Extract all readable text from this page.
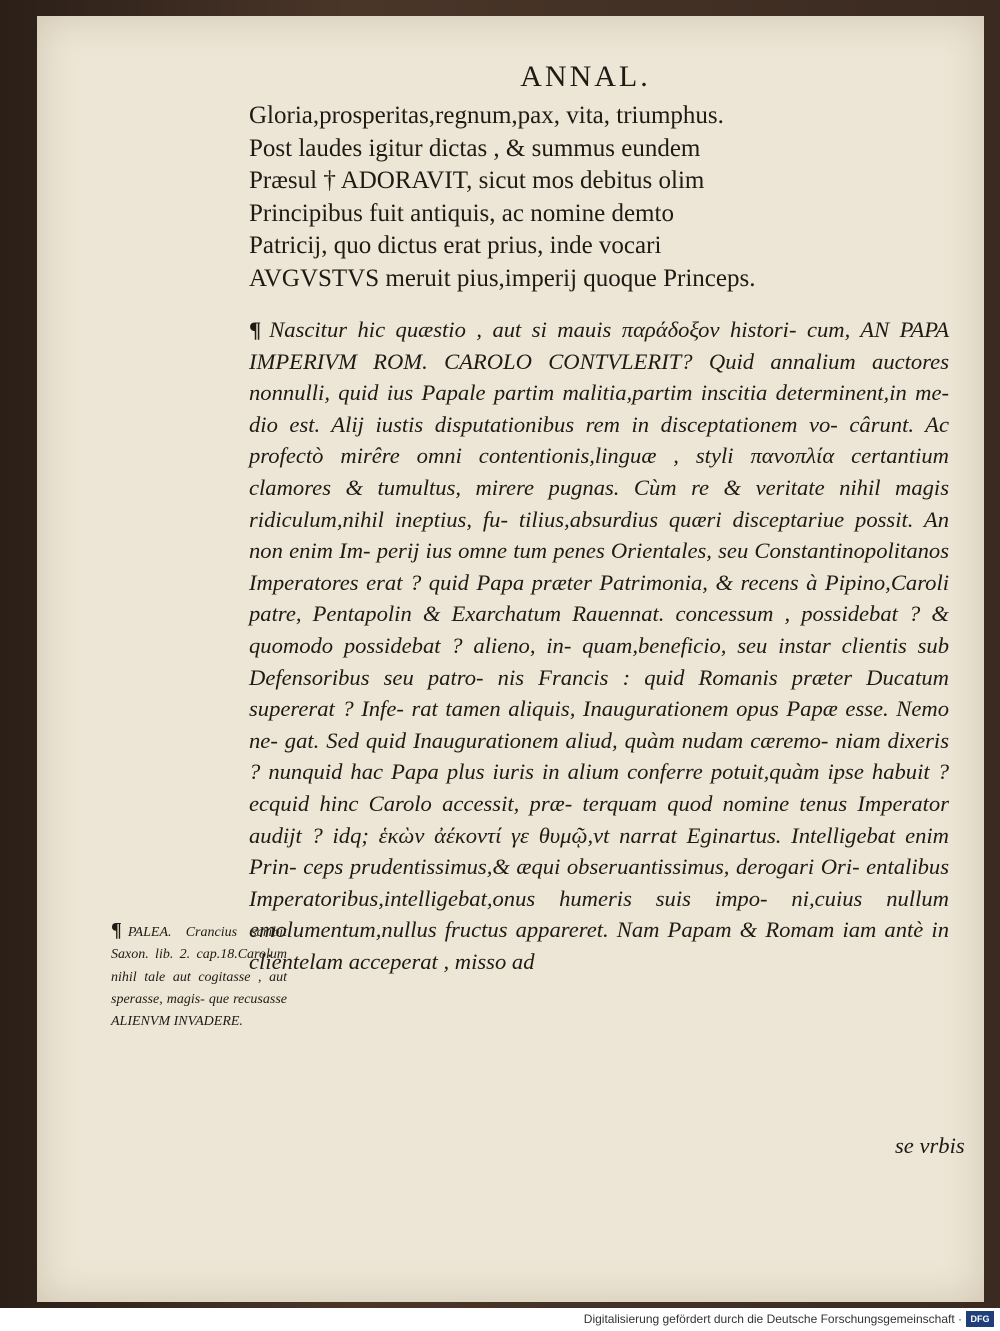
ANNAL.
Gloria,prosperitas,regnum,pax, vita, triumphus.
Post laudes igitur dictas , & summus eundem
Præsul † ADORAVIT, sicut mos debitus olim
Principibus fuit antiquis, ac nomine demto
Patricij, quo dictus erat prius, inde vocari
AVGVSTVS meruit pius,imperij quoque Princeps.
¶ Nascitur hic quæstio , aut si mauis παράδοξον histori- cum, AN PAPA IMPERIVM ROM. CAROLO CONTVLERIT? Quid annalium auctores nonnulli, quid ius Papale partim malitia,partim inscitia determinent,in me- dio est. Alij iustis disputationibus rem in disceptationem vo- cârunt. Ac profectò mirêre omni contentionis,linguæ , styli πανοπλία certantium clamores & tumultus, mirere pugnas. Cùm re & veritate nihil magis ridiculum,nihil ineptius, fu- tilius,absurdius quæri disceptariue possit. An non enim Im- perij ius omne tum penes Orientales, seu Constantinopolitanos Imperatores erat ? quid Papa præter Patrimonia, & recens à Pipino,Caroli patre, Pentapolin & Exarchatum Rauennat. concessum , possidebat ? & quomodo possidebat ? alieno, in- quam,beneficio, seu instar clientis sub Defensoribus seu patro- nis Francis : quid Romanis præter Ducatum supererat ? Infe- rat tamen aliquis, Inaugurationem opus Papæ esse. Nemo ne- gat. Sed quid Inaugurationem aliud, quàm nudam cæremo- niam dixeris ? nunquid hac Papa plus iuris in alium conferre potuit,quàm ipse habuit ? ecquid hinc Carolo accessit, præ- terquam quod nomine tenus Imperator audijt ? idq; ἑκὼν ἀέκοντί γε θυμῷ,vt narrat Eginartus. Intelligebat enim Prin- ceps prudentissimus,& æqui obseruantissimus, derogari Ori- entalibus Imperatoribus,intelligebat,onus humeris suis impo- ni,cuius nullum emolumentum,nullus fructus appareret. Nam Papam & Romam iam antè in clientelam acceperat , misso ad
¶ PALEA. Crancius scribit Saxon. lib. 2. cap.18.Carolum nihil tale aut cogitasse , aut sperasse, magis- que recusasse ALIENVM INVADERE.
se vrbis
Digitalisierung gefördert durch die Deutsche Forschungsgemeinschaft · DFG
